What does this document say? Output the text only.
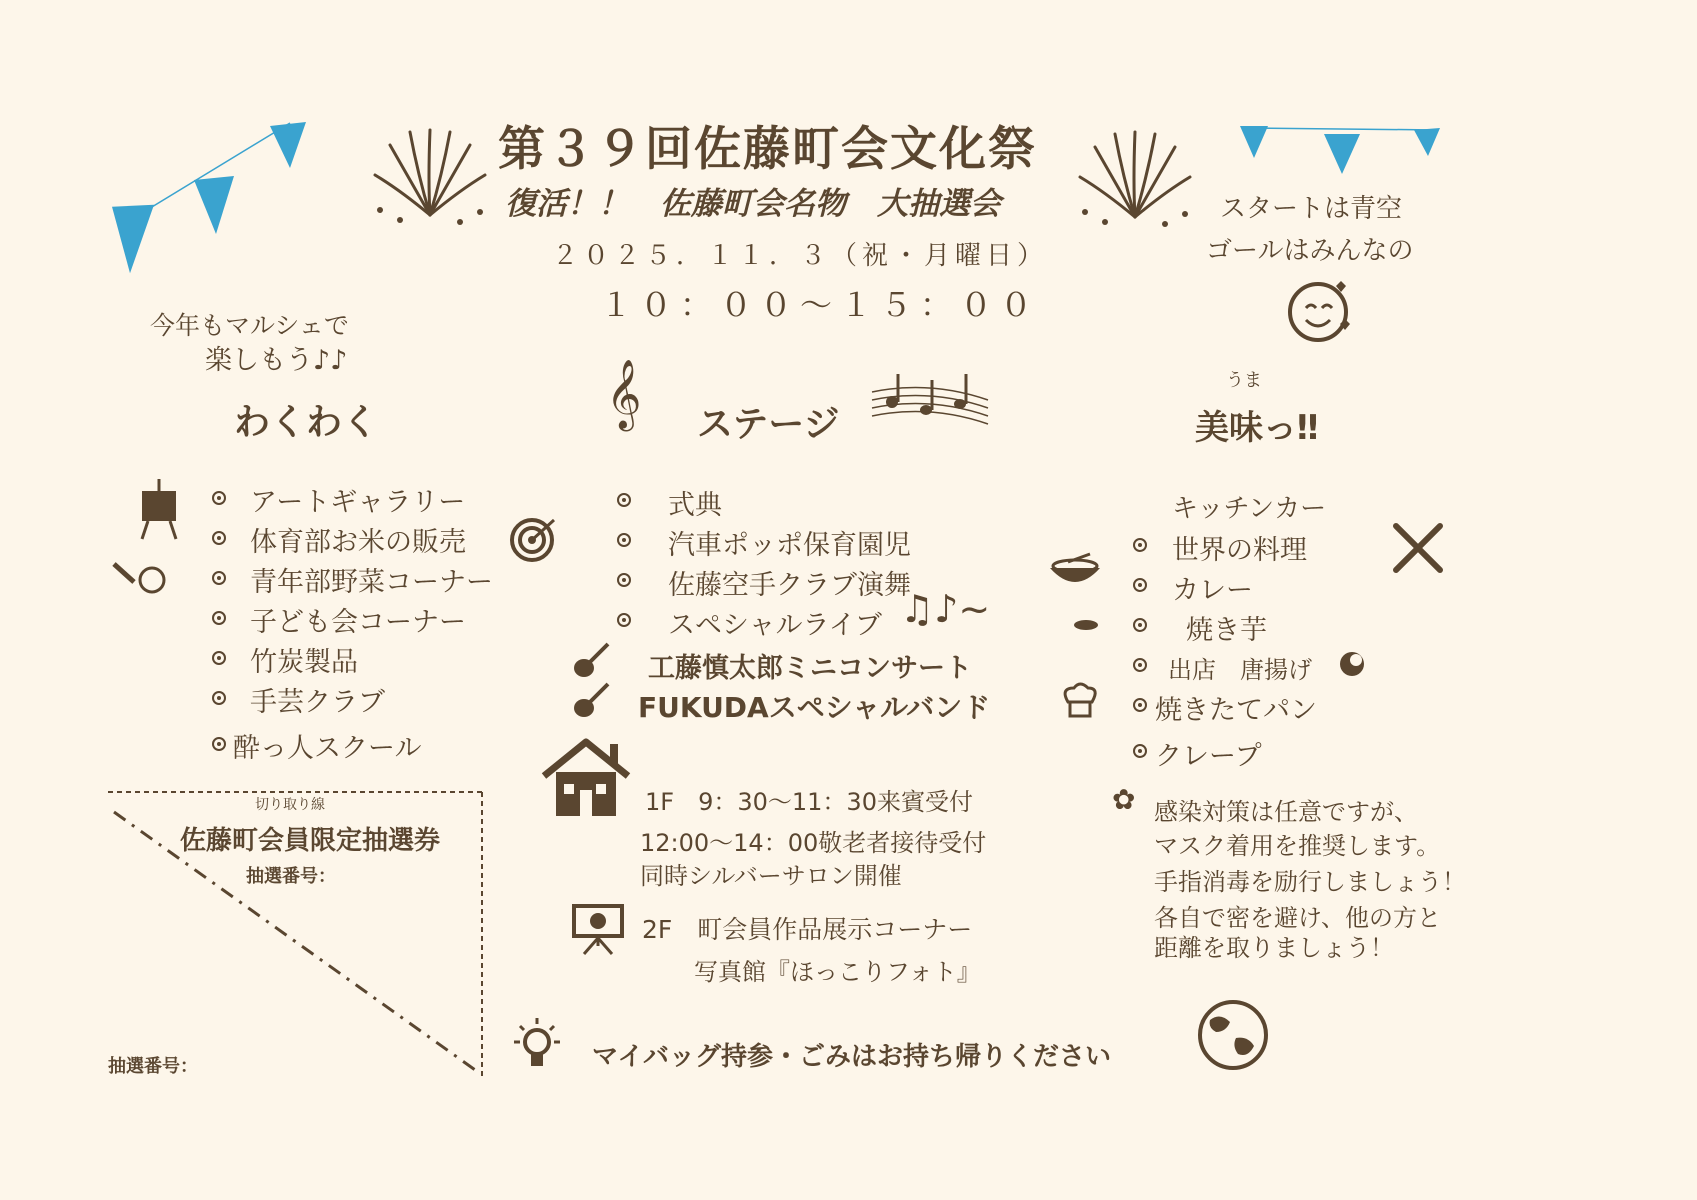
第３９回佐藤町会文化祭
復活！！　佐藤町会名物　大抽選会
２０２５．１１．３（祝・月曜日）
１０：００〜１５：００
スタートは青空
ゴールはみんなの
今年もマルシェで
楽しもう♪♪
わくわく
アートギャラリー
体育部お米の販売
青年部野菜コーナー
子ども会コーナー
竹炭製品
手芸クラブ
酔っ人スクール
切り取り線
佐藤町会員限定抽選券
抽選番号：
抽選番号：
𝄞 ステージ
式典
汽車ポッポ保育園児
佐藤空手クラブ演舞
スペシャルライブ ♫♪~
工藤慎太郎ミニコンサート
FUKUDAスペシャルバンド
1F　9：30〜11：30来賓受付
12:00〜14：00敬老者接待受付
同時シルバーサロン開催
2F　町会員作品展示コーナー
写真館『ほっこりフォト』
うま
美味っ‼
キッチンカー
世界の料理
カレー
焼き芋
出店　唐揚げ
焼きたてパン
クレープ
✿ 感染対策は任意ですが、
マスク着用を推奨します。
手指消毒を励行しましょう！
各自で密を避け、他の方と
距離を取りましょう！
マイバッグ持参・ごみはお持ち帰りください
